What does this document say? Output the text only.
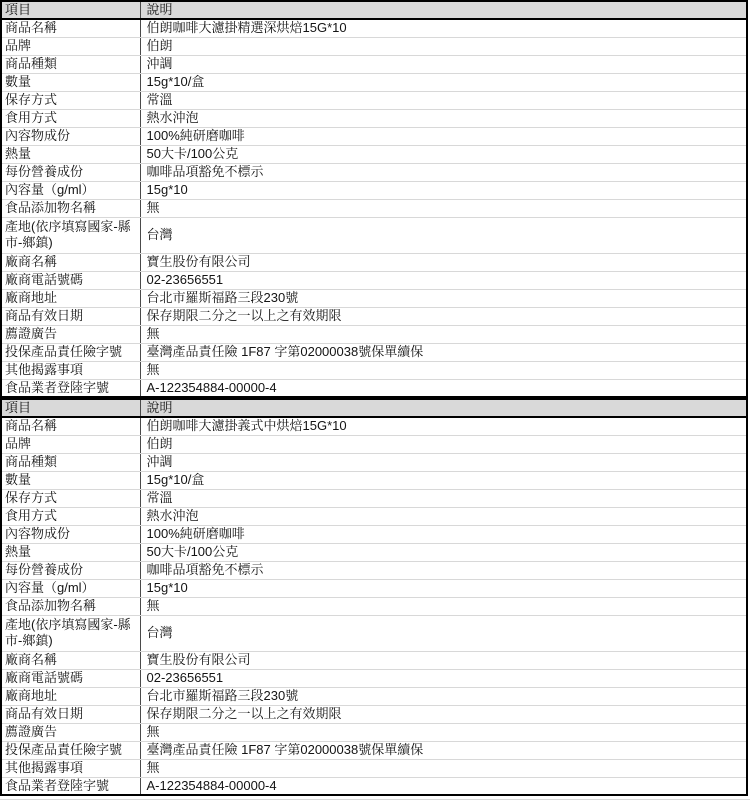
項目	說明
商品名稱	伯朗咖啡大濾掛精選深烘焙15G*10
品牌	伯朗
商品種類	沖調
數量	15g*10/盒
保存方式	常溫
食用方式	熱水沖泡
內容物成份	100%純研磨咖啡
熱量	50大卡/100公克
每份營養成份	咖啡品項豁免不標示
內容量（g/ml）	15g*10
食品添加物名稱	無
產地(依序填寫國家-縣市-鄉鎮)	台灣
廠商名稱	寶生股份有限公司
廠商電話號碼	02-23656551
廠商地址	台北市羅斯福路三段230號
商品有效日期	保存期限二分之一以上之有效期限
薦證廣告	無
投保產品責任險字號	臺灣產品責任險 1F87 字第02000038號保單續保
其他揭露事項	無
食品業者登陸字號	A-122354884-00000-4
項目	說明
商品名稱	伯朗咖啡大濾掛義式中烘焙15G*10
品牌	伯朗
商品種類	沖調
數量	15g*10/盒
保存方式	常溫
食用方式	熱水沖泡
內容物成份	100%純研磨咖啡
熱量	50大卡/100公克
每份營養成份	咖啡品項豁免不標示
內容量（g/ml）	15g*10
食品添加物名稱	無
產地(依序填寫國家-縣市-鄉鎮)	台灣
廠商名稱	寶生股份有限公司
廠商電話號碼	02-23656551
廠商地址	台北市羅斯福路三段230號
商品有效日期	保存期限二分之一以上之有效期限
薦證廣告	無
投保產品責任險字號	臺灣產品責任險 1F87 字第02000038號保單續保
其他揭露事項	無
食品業者登陸字號	A-122354884-00000-4
